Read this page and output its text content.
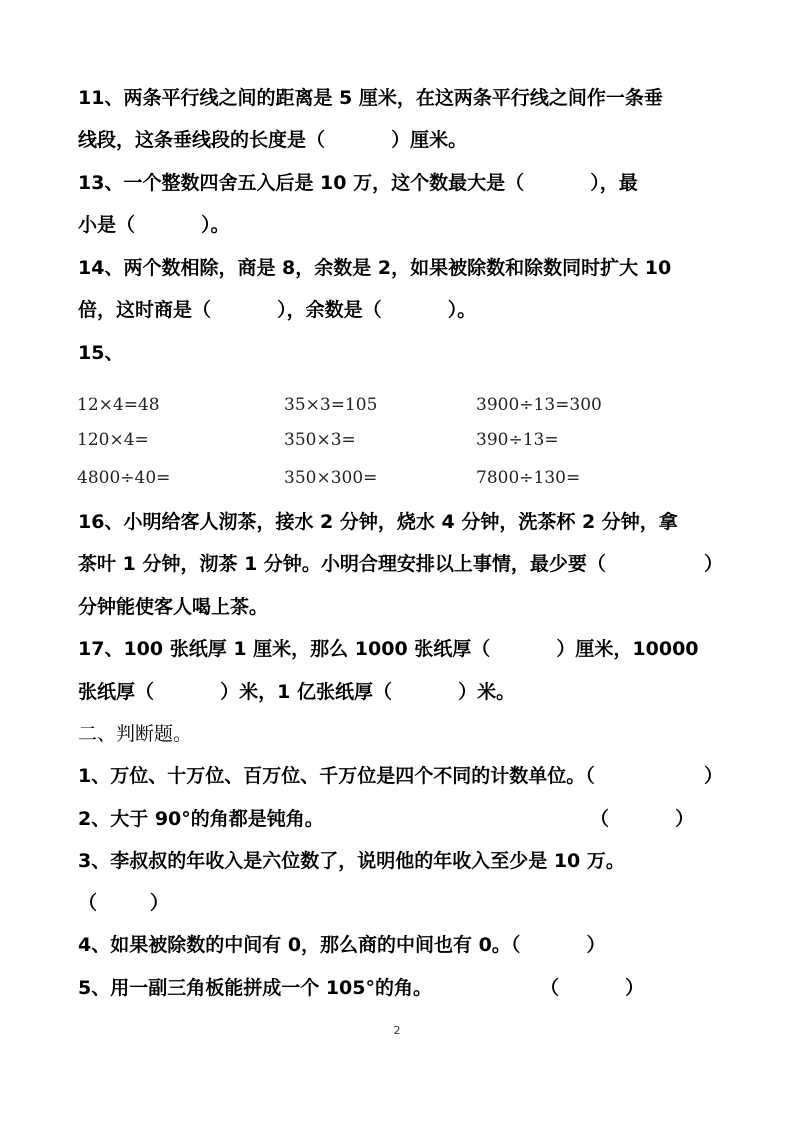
11、两条平行线之间的距离是 5 厘米，在这两条平行线之间作一条垂
线段，这条垂线段的长度是（          ）厘米。
13、一个整数四舍五入后是 10 万，这个数最大是（          ），最
小是（          ）。
14、两个数相除，商是 8，余数是 2，如果被除数和除数同时扩大 10
倍，这时商是（          ），余数是（          ）。
15、
12×4=48	35×3=105	3900÷13=300
120×4=	350×3=	390÷13=
4800÷40=	350×300=	7800÷130=
16、小明给客人沏茶，接水 2 分钟，烧水 4 分钟，洗茶杯 2 分钟，拿
茶叶 1 分钟，沏茶 1 分钟。小明合理安排以上事情，最少要（	）
分钟能使客人喝上茶。
17、100 张纸厚 1 厘米，那么 1000 张纸厚（          ）厘米，10000
张纸厚（          ）米，1 亿张纸厚（          ）米。
二、判断题。
1、万位、十万位、百万位、千万位是四个不同的计数单位。（	）
2、大于 90°的角都是钝角。	（          ）
3、李叔叔的年收入是六位数了，说明他的年收入至少是 10 万。
（        ）
4、如果被除数的中间有 0，那么商的中间也有 0。（          ）
5、用一副三角板能拼成一个 105°的角。	（          ）
2
